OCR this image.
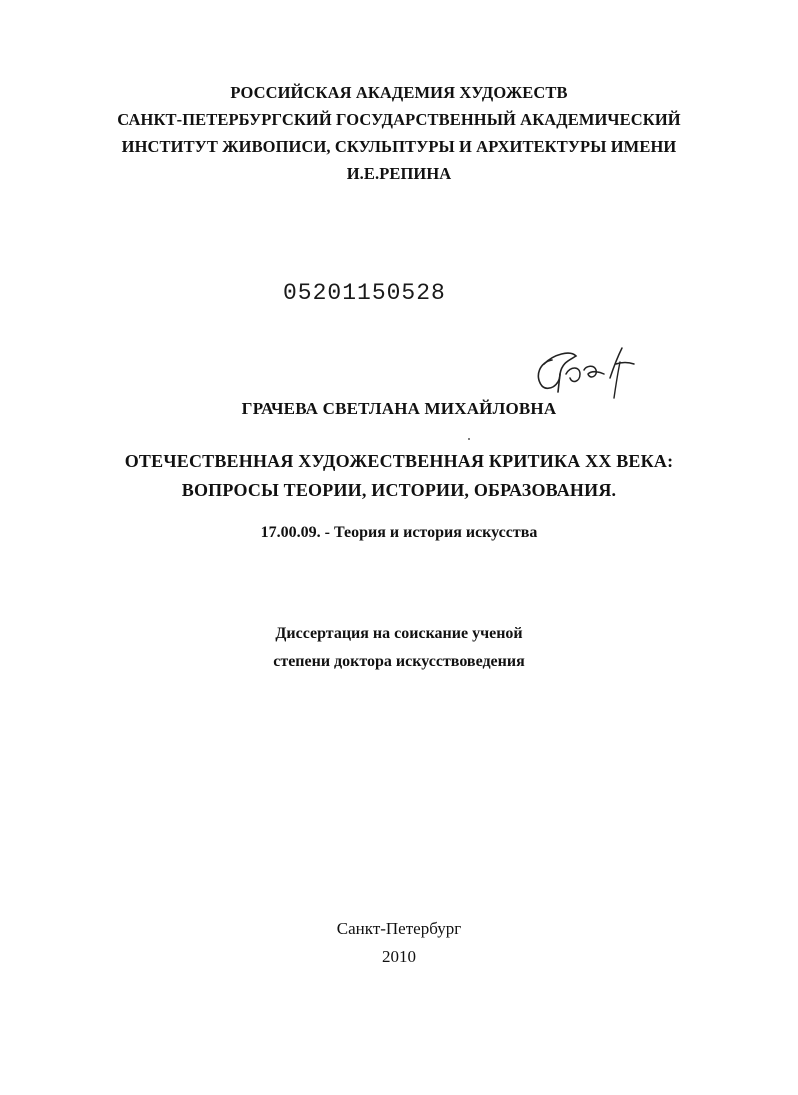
РОССИЙСКАЯ АКАДЕМИЯ ХУДОЖЕСТВ
САНКТ-ПЕТЕРБУРГСКИЙ ГОСУДАРСТВЕННЫЙ АКАДЕМИЧЕСКИЙ
ИНСТИТУТ ЖИВОПИСИ, СКУЛЬПТУРЫ И АРХИТЕКТУРЫ ИМЕНИ
И.Е.РЕПИНА
05201150528
ГРАЧЕВА СВЕТЛАНА МИХАЙЛОВНА
ОТЕЧЕСТВЕННАЯ ХУДОЖЕСТВЕННАЯ КРИТИКА XX ВЕКА:
ВОПРОСЫ ТЕОРИИ, ИСТОРИИ, ОБРАЗОВАНИЯ.
17.00.09. - Теория и история искусства
Диссертация на соискание ученой
степени доктора искусствоведения
Санкт-Петербург
2010
